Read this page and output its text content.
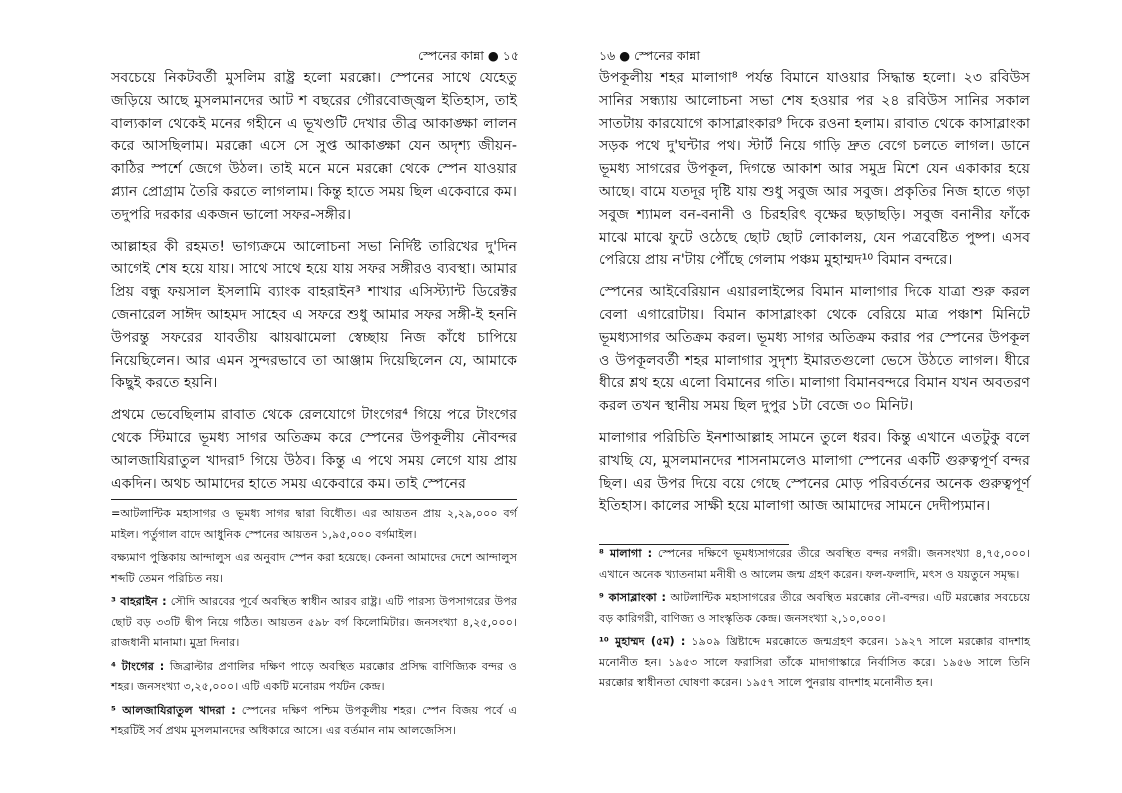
স্পেনের কান্না ● ১৫

সবচেয়ে নিকটবর্তী মুসলিম রাষ্ট্র হলো মরক্কো। স্পেনের সাথে যেহেতু জড়িয়ে আছে মুসলমানদের আট শ বছরের গৌরবোজ্জ্বল ইতিহাস, তাই বাল্যকাল থেকেই মনের গহীনে এ ভূখণ্ডটি দেখার তীব্র আকাঙ্ক্ষা লালন করে আসছিলাম। মরক্কো এসে সে সুপ্ত আকাঙ্ক্ষা যেন অদৃশ্য জীয়ন-কাঠির স্পর্শে জেগে উঠল। তাই মনে মনে মরক্কো থেকে স্পেন যাওয়ার প্ল্যান প্রোগ্রাম তৈরি করতে লাগলাম। কিন্তু হাতে সময় ছিল একেবারে কম। তদুপরি দরকার একজন ভালো সফর-সঙ্গীর।

আল্লাহর কী রহমত! ভাগ্যক্রমে আলোচনা সভা নির্দিষ্ট তারিখের দু'দিন আগেই শেষ হয়ে যায়। সাথে সাথে হয়ে যায় সফর সঙ্গীরও ব্যবস্থা। আমার প্রিয় বন্ধু ফয়সাল ইসলামি ব্যাংক বাহরাইন³ শাখার এসিস্ট্যান্ট ডিরেক্টর জেনারেল সাঈদ আহমদ সাহেব এ সফরে শুধু আমার সফর সঙ্গী-ই হননি উপরন্তু সফরের যাবতীয় ঝায়ঝামেলা স্বেচ্ছায় নিজ কাঁধে চাপিয়ে নিয়েছিলেন। আর এমন সুন্দরভাবে তা আঞ্জাম দিয়েছিলেন যে, আমাকে কিছুই করতে হয়নি।

প্রথমে ভেবেছিলাম রাবাত থেকে রেলযোগে টাংগের⁴ গিয়ে পরে টাংগের থেকে স্টিমারে ভূমধ্য সাগর অতিক্রম করে স্পেনের উপকূলীয় নৌবন্দর আলজাযিরাতুল খাদরা⁵ গিয়ে উঠব। কিন্তু এ পথে সময় লেগে যায় প্রায় একদিন। অথচ আমাদের হাতে সময় একেবারে কম। তাই স্পেনের

=আটলান্টিক মহাসাগর ও ভূমধ্য সাগর দ্বারা বিধৌত। এর আয়তন প্রায় ২,২৯,০০০ বর্গ মাইল। পর্তুগাল বাদে আধুনিক স্পেনের আয়তন ১,৯৫,০০০ বর্গমাইল।

বক্ষ্যমাণ পুস্তিকায় আন্দালুস এর অনুবাদ স্পেন করা হয়েছে। কেননা আমাদের দেশে আন্দালুস শব্দটি তেমন পরিচিত নয়।

³ বাহরাইন : সৌদি আরবের পূর্বে অবস্থিত স্বাধীন আরব রাষ্ট্র। এটি পারস্য উপসাগরের উপর ছোট বড় ৩৩টি দ্বীপ নিয়ে গঠিত। আয়তন ৫৯৮ বর্গ কিলোমিটার। জনসংখ্যা ৪,২৫,০০০। রাজধানী মানামা। মুদ্রা দিনার।

⁴ টাংগের : জিব্রাল্টার প্রণালির দক্ষিণ পাড়ে অবস্থিত মরক্কোর প্রসিদ্ধ বাণিজ্যিক বন্দর ও শহর। জনসংখ্যা ৩,২৫,০০০। এটি একটি মনোরম পর্যটন কেন্দ্র।

⁵ আলজাযিরাতুল খাদরা : স্পেনের দক্ষিণ পশ্চিম উপকূলীয় শহর। স্পেন বিজয় পর্বে এ শহরটিই সর্ব প্রথম মুসলমানদের অধিকারে আসে। এর বর্তমান নাম আলজেসিস।

১৬ ● স্পেনের কান্না

উপকূলীয় শহর মালাগা⁸ পর্যন্ত বিমানে যাওয়ার সিদ্ধান্ত হলো। ২৩ রবিউস সানির সন্ধ্যায় আলোচনা সভা শেষ হওয়ার পর ২৪ রবিউস সানির সকাল সাতটায় কারযোগে কাসাব্লাংকার⁹ দিকে রওনা হলাম। রাবাত থেকে কাসাব্লাংকা সড়ক পথে দু'ঘন্টার পথ। স্টার্ট নিয়ে গাড়ি দ্রুত বেগে চলতে লাগল। ডানে ভূমধ্য সাগরের উপকূল, দিগন্তে আকাশ আর সমুদ্র মিশে যেন একাকার হয়ে আছে। বামে যতদূর দৃষ্টি যায় শুধু সবুজ আর সবুজ। প্রকৃতির নিজ হাতে গড়া সবুজ শ্যামল বন-বনানী ও চিরহরিৎ বৃক্ষের ছড়াছড়ি। সবুজ বনানীর ফাঁকে মাঝে মাঝে ফুটে ওঠেছে ছোট ছোট লোকালয়, যেন পত্রবেষ্টিত পুষ্প। এসব পেরিয়ে প্রায় ন'টায় পৌঁছে গেলাম পঞ্চম মুহাম্মদ¹⁰ বিমান বন্দরে।

স্পেনের আইবেরিয়ান এয়ারলাইন্সের বিমান মালাগার দিকে যাত্রা শুরু করল বেলা এগারোটায়। বিমান কাসাব্লাংকা থেকে বেরিয়ে মাত্র পঞ্চাশ মিনিটে ভূমধ্যসাগর অতিক্রম করল। ভূমধ্য সাগর অতিক্রম করার পর স্পেনের উপকূল ও উপকূলবর্তী শহর মালাগার সুদৃশ্য ইমারতগুলো ভেসে উঠতে লাগল। ধীরে ধীরে শ্লথ হয়ে এলো বিমানের গতি। মালাগা বিমানবন্দরে বিমান যখন অবতরণ করল তখন স্থানীয় সময় ছিল দুপুর ১টা বেজে ৩০ মিনিট।

মালাগার পরিচিতি ইনশাআল্লাহ সামনে তুলে ধরব। কিন্তু এখানে এতটুকু বলে রাখছি যে, মুসলমানদের শাসনামলেও মালাগা স্পেনের একটি গুরুত্বপূর্ণ বন্দর ছিল। এর উপর দিয়ে বয়ে গেছে স্পেনের মোড় পরিবর্তনের অনেক গুরুত্বপূর্ণ ইতিহাস। কালের সাক্ষী হয়ে মালাগা আজ আমাদের সামনে দেদীপ্যমান।

⁸ মালাগা : স্পেনের দক্ষিণে ভূমধ্যসাগরের তীরে অবস্থিত বন্দর নগরী। জনসংখ্যা ৪,৭৫,০০০। এখানে অনেক খ্যাতনামা মনীষী ও আলেম জন্ম গ্রহণ করেন। ফল-ফলাদি, মৎস ও যয়তুনে সমৃদ্ধ।

⁹ কাসাব্লাংকা : আটলান্টিক মহাসাগরের তীরে অবস্থিত মরক্কোর নৌ-বন্দর। এটি মরক্কোর সবচেয়ে বড় কারিগরী, বাণিজ্য ও সাংস্কৃতিক কেন্দ্র। জনসংখ্যা ২,১০,০০০।

¹⁰ মুহাম্মদ (৫ম) : ১৯০৯ খ্রিষ্টাব্দে মরক্কোতে জন্মগ্রহণ করেন। ১৯২৭ সালে মরক্কোর বাদশাহ মনোনীত হন। ১৯৫৩ সালে ফরাসিরা তাঁকে মাদাগাস্কারে নির্বাসিত করে। ১৯৫৬ সালে তিনি মরক্কোর স্বাধীনতা ঘোষণা করেন। ১৯৫৭ সালে পুনরায় বাদশাহ মনোনীত হন।
